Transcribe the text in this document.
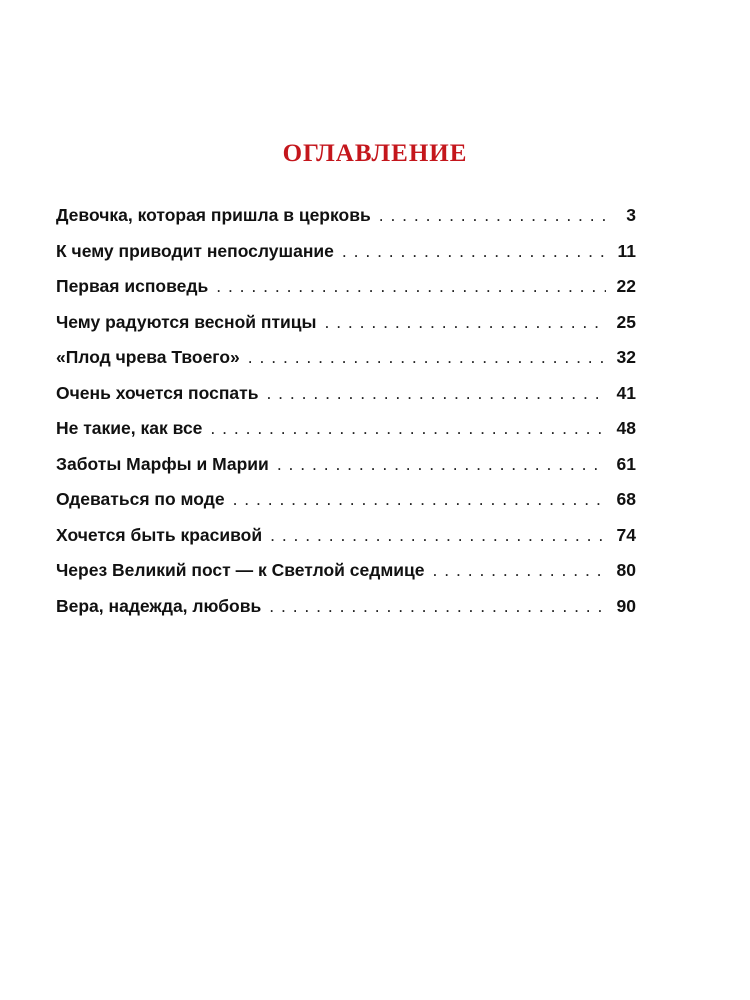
ОГЛАВЛЕНИЕ
Девочка, которая пришла в церковь . . .	3
К чему приводит непослушание . . .	11
Первая исповедь . . .	22
Чему радуются весной птицы . . .	25
«Плод чрева Твоего» . . .	32
Очень хочется поспать . . .	41
Не такие, как все . . .	48
Заботы Марфы и Марии . . .	61
Одеваться по моде . . .	68
Хочется быть красивой . . .	74
Через Великий пост — к Светлой седмице . . .	80
Вера, надежда, любовь . . .	90
